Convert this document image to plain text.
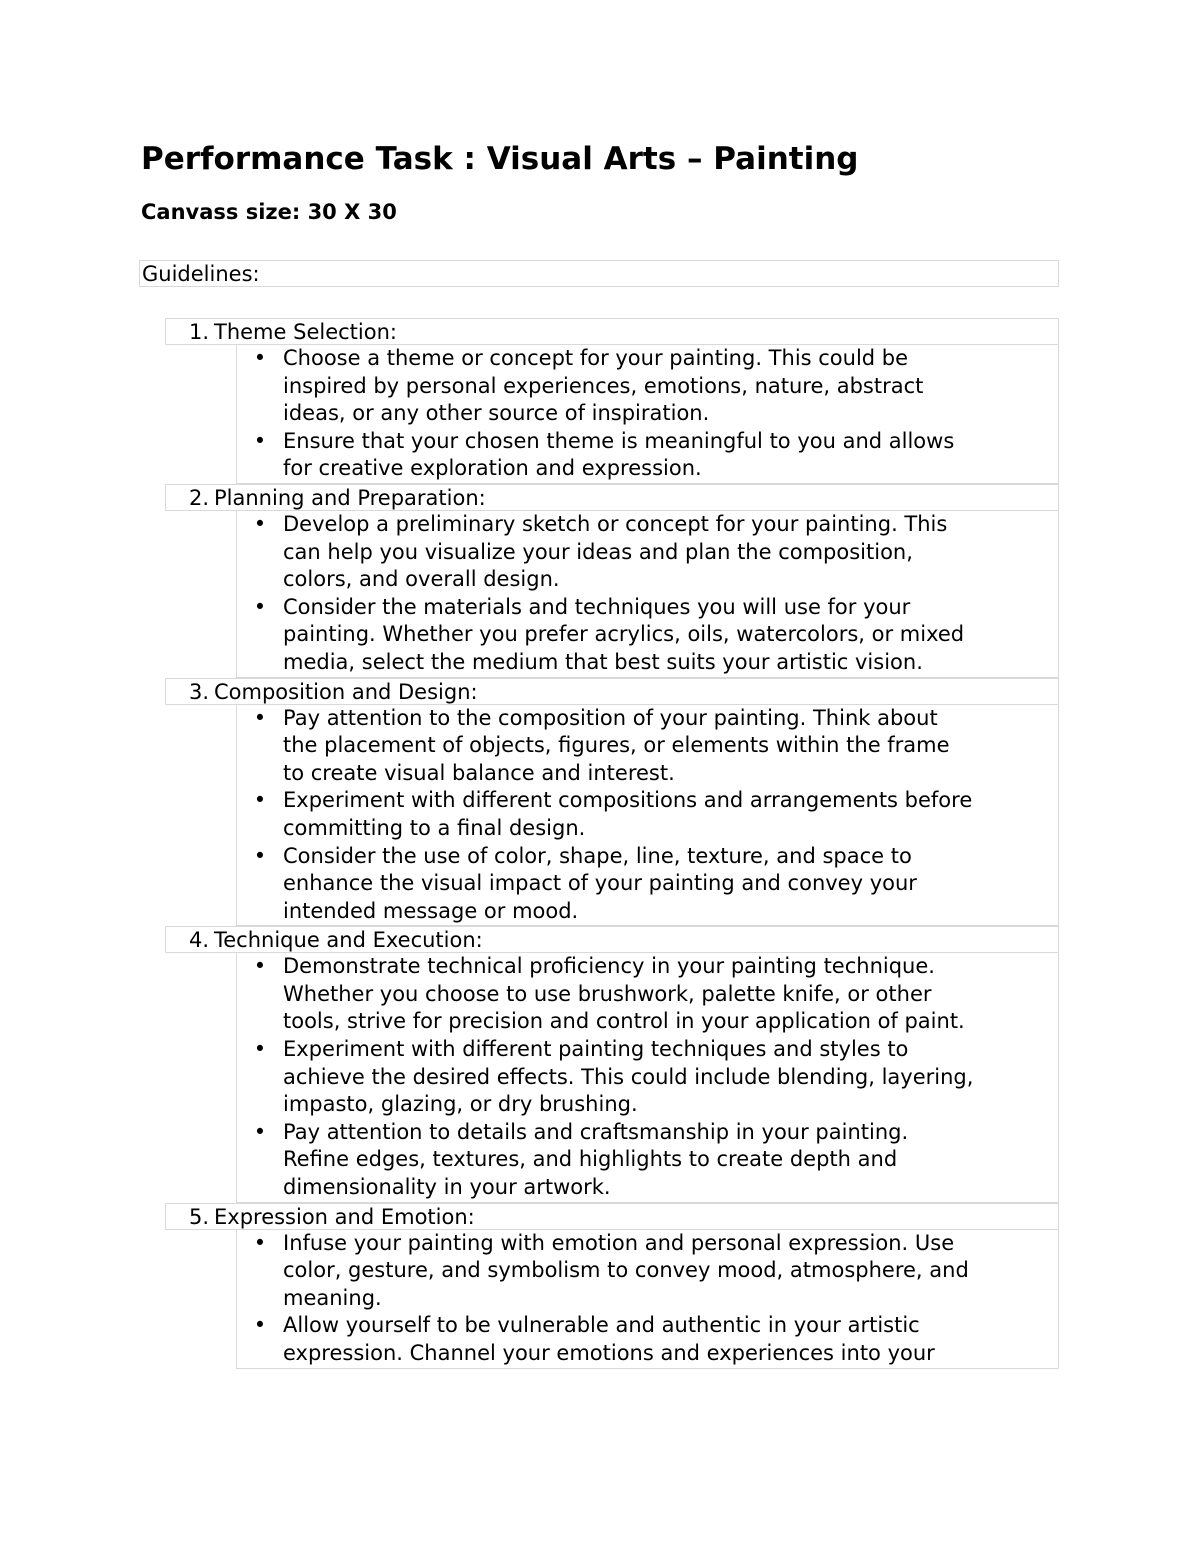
Performance Task : Visual Arts – Painting
Canvass size: 30 X 30
Guidelines:
1. Theme Selection:
• Choose a theme or concept for your painting. This could be
inspired by personal experiences, emotions, nature, abstract
ideas, or any other source of inspiration.
• Ensure that your chosen theme is meaningful to you and allows
for creative exploration and expression.
2. Planning and Preparation:
• Develop a preliminary sketch or concept for your painting. This
can help you visualize your ideas and plan the composition,
colors, and overall design.
• Consider the materials and techniques you will use for your
painting. Whether you prefer acrylics, oils, watercolors, or mixed
media, select the medium that best suits your artistic vision.
3. Composition and Design:
• Pay attention to the composition of your painting. Think about
the placement of objects, figures, or elements within the frame
to create visual balance and interest.
• Experiment with different compositions and arrangements before
committing to a final design.
• Consider the use of color, shape, line, texture, and space to
enhance the visual impact of your painting and convey your
intended message or mood.
4. Technique and Execution:
• Demonstrate technical proficiency in your painting technique.
Whether you choose to use brushwork, palette knife, or other
tools, strive for precision and control in your application of paint.
• Experiment with different painting techniques and styles to
achieve the desired effects. This could include blending, layering,
impasto, glazing, or dry brushing.
• Pay attention to details and craftsmanship in your painting.
Refine edges, textures, and highlights to create depth and
dimensionality in your artwork.
5. Expression and Emotion:
• Infuse your painting with emotion and personal expression. Use
color, gesture, and symbolism to convey mood, atmosphere, and
meaning.
• Allow yourself to be vulnerable and authentic in your artistic
expression. Channel your emotions and experiences into your
